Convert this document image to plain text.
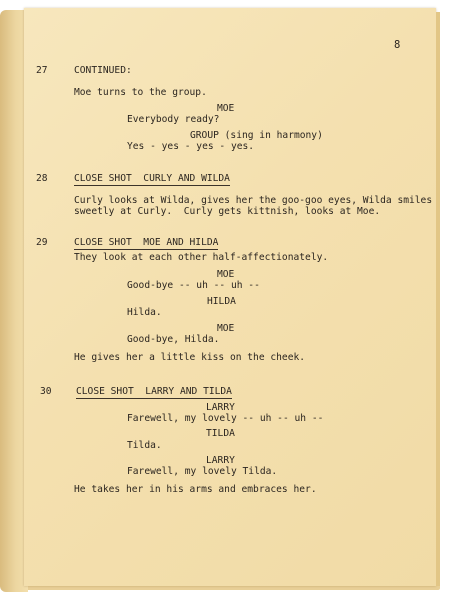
8
27	CONTINUED:
Moe turns to the group.
MOE
Everybody ready?
GROUP (sing in harmony)
Yes - yes - yes - yes.
28	CLOSE SHOT  CURLY AND WILDA
Curly looks at Wilda, gives her the goo-goo eyes, Wilda smiles
sweetly at Curly.  Curly gets kittnish, looks at Moe.
29	CLOSE SHOT  MOE AND HILDA
They look at each other half-affectionately.
MOE
Good-bye -- uh -- uh --
HILDA
Hilda.
MOE
Good-bye, Hilda.
He gives her a little kiss on the cheek.
30	CLOSE SHOT  LARRY AND TILDA
LARRY
Farewell, my lovely -- uh -- uh --
TILDA
Tilda.
LARRY
Farewell, my lovely Tilda.
He takes her in his arms and embraces her.
